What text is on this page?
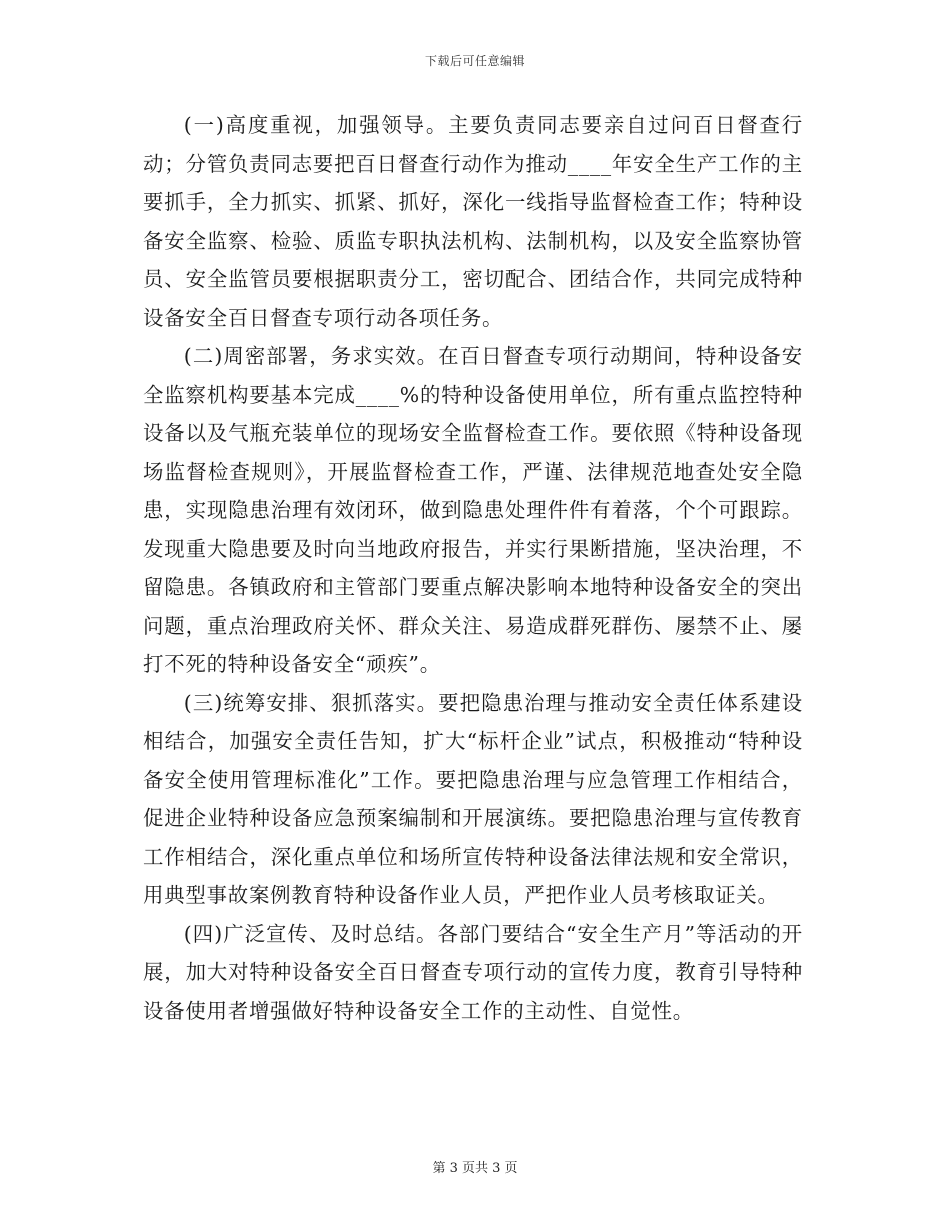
下载后可任意编辑

(一)高度重视，加强领导。主要负责同志要亲自过问百日督查行动；分管负责同志要把百日督查行动作为推动____年安全生产工作的主要抓手，全力抓实、抓紧、抓好，深化一线指导监督检查工作；特种设备安全监察、检验、质监专职执法机构、法制机构，以及安全监察协管员、安全监管员要根据职责分工，密切配合、团结合作，共同完成特种设备安全百日督查专项行动各项任务。

(二)周密部署，务求实效。在百日督查专项行动期间，特种设备安全监察机构要基本完成____%的特种设备使用单位，所有重点监控特种设备以及气瓶充装单位的现场安全监督检查工作。要依照《特种设备现场监督检查规则》，开展监督检查工作，严谨、法律规范地查处安全隐患，实现隐患治理有效闭环，做到隐患处理件件有着落，个个可跟踪。发现重大隐患要及时向当地政府报告，并实行果断措施，坚决治理，不留隐患。各镇政府和主管部门要重点解决影响本地特种设备安全的突出问题，重点治理政府关怀、群众关注、易造成群死群伤、屡禁不止、屡打不死的特种设备安全“顽疾”。

(三)统筹安排、狠抓落实。要把隐患治理与推动安全责任体系建设相结合，加强安全责任告知，扩大“标杆企业”试点，积极推动“特种设备安全使用管理标准化”工作。要把隐患治理与应急管理工作相结合，促进企业特种设备应急预案编制和开展演练。要把隐患治理与宣传教育工作相结合，深化重点单位和场所宣传特种设备法律法规和安全常识，用典型事故案例教育特种设备作业人员，严把作业人员考核取证关。

(四)广泛宣传、及时总结。各部门要结合“安全生产月”等活动的开展，加大对特种设备安全百日督查专项行动的宣传力度，教育引导特种设备使用者增强做好特种设备安全工作的主动性、自觉性。

第 3 页共 3 页
